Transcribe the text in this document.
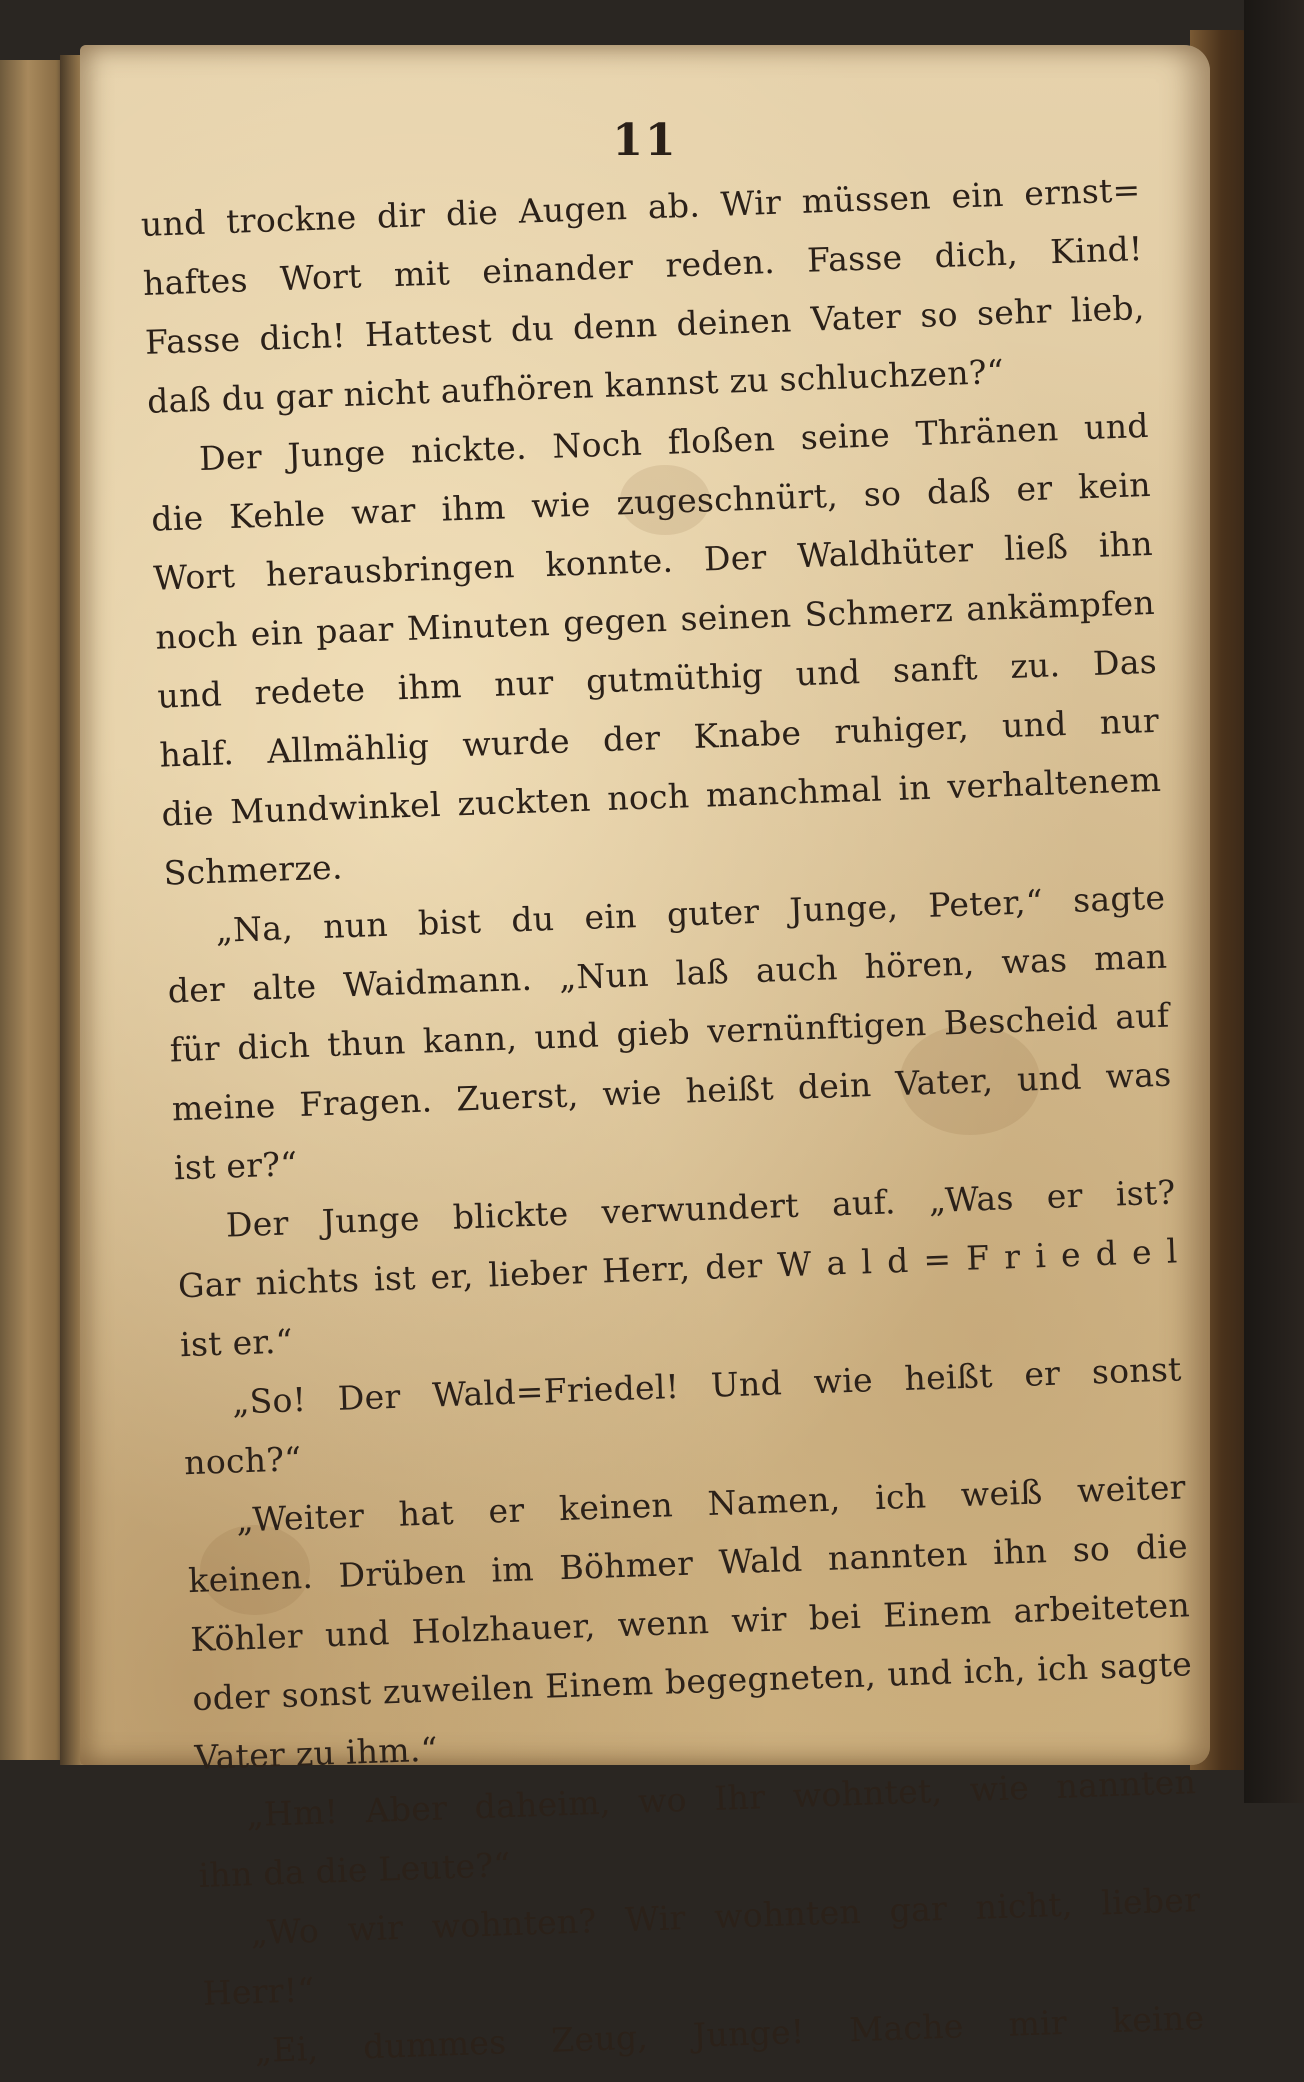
11
und trockne dir die Augen ab. Wir müssen ein ernst=
haftes Wort mit einander reden. Fasse dich, Kind!
Fasse dich! Hattest du denn deinen Vater so sehr lieb,
daß du gar nicht aufhören kannst zu schluchzen?“
Der Junge nickte. Noch floßen seine Thränen und
die Kehle war ihm wie zugeschnürt, so daß er kein
Wort herausbringen konnte. Der Waldhüter ließ ihn
noch ein paar Minuten gegen seinen Schmerz ankämpfen
und redete ihm nur gutmüthig und sanft zu. Das
half. Allmählig wurde der Knabe ruhiger, und nur
die Mundwinkel zuckten noch manchmal in verhaltenem
Schmerze.
„Na, nun bist du ein guter Junge, Peter,“ sagte
der alte Waidmann. „Nun laß auch hören, was man
für dich thun kann, und gieb vernünftigen Bescheid auf
meine Fragen. Zuerst, wie heißt dein Vater, und was
ist er?“
Der Junge blickte verwundert auf. „Was er ist?
Gar nichts ist er, lieber Herr, der W a l d = F r i e d e l
ist er.“
„So! Der Wald=Friedel! Und wie heißt er sonst
noch?“
„Weiter hat er keinen Namen, ich weiß weiter
keinen. Drüben im Böhmer Wald nannten ihn so die
Köhler und Holzhauer, wenn wir bei Einem arbeiteten
oder sonst zuweilen Einem begegneten, und ich, ich sagte
Vater zu ihm.“
„Hm! Aber daheim, wo Ihr wohntet, wie nannten
ihn da die Leute?“
„Wo wir wohnten? Wir wohnten gar nicht, lieber
Herr!“
„Ei, dummes Zeug, Junge! Mache mir keine
